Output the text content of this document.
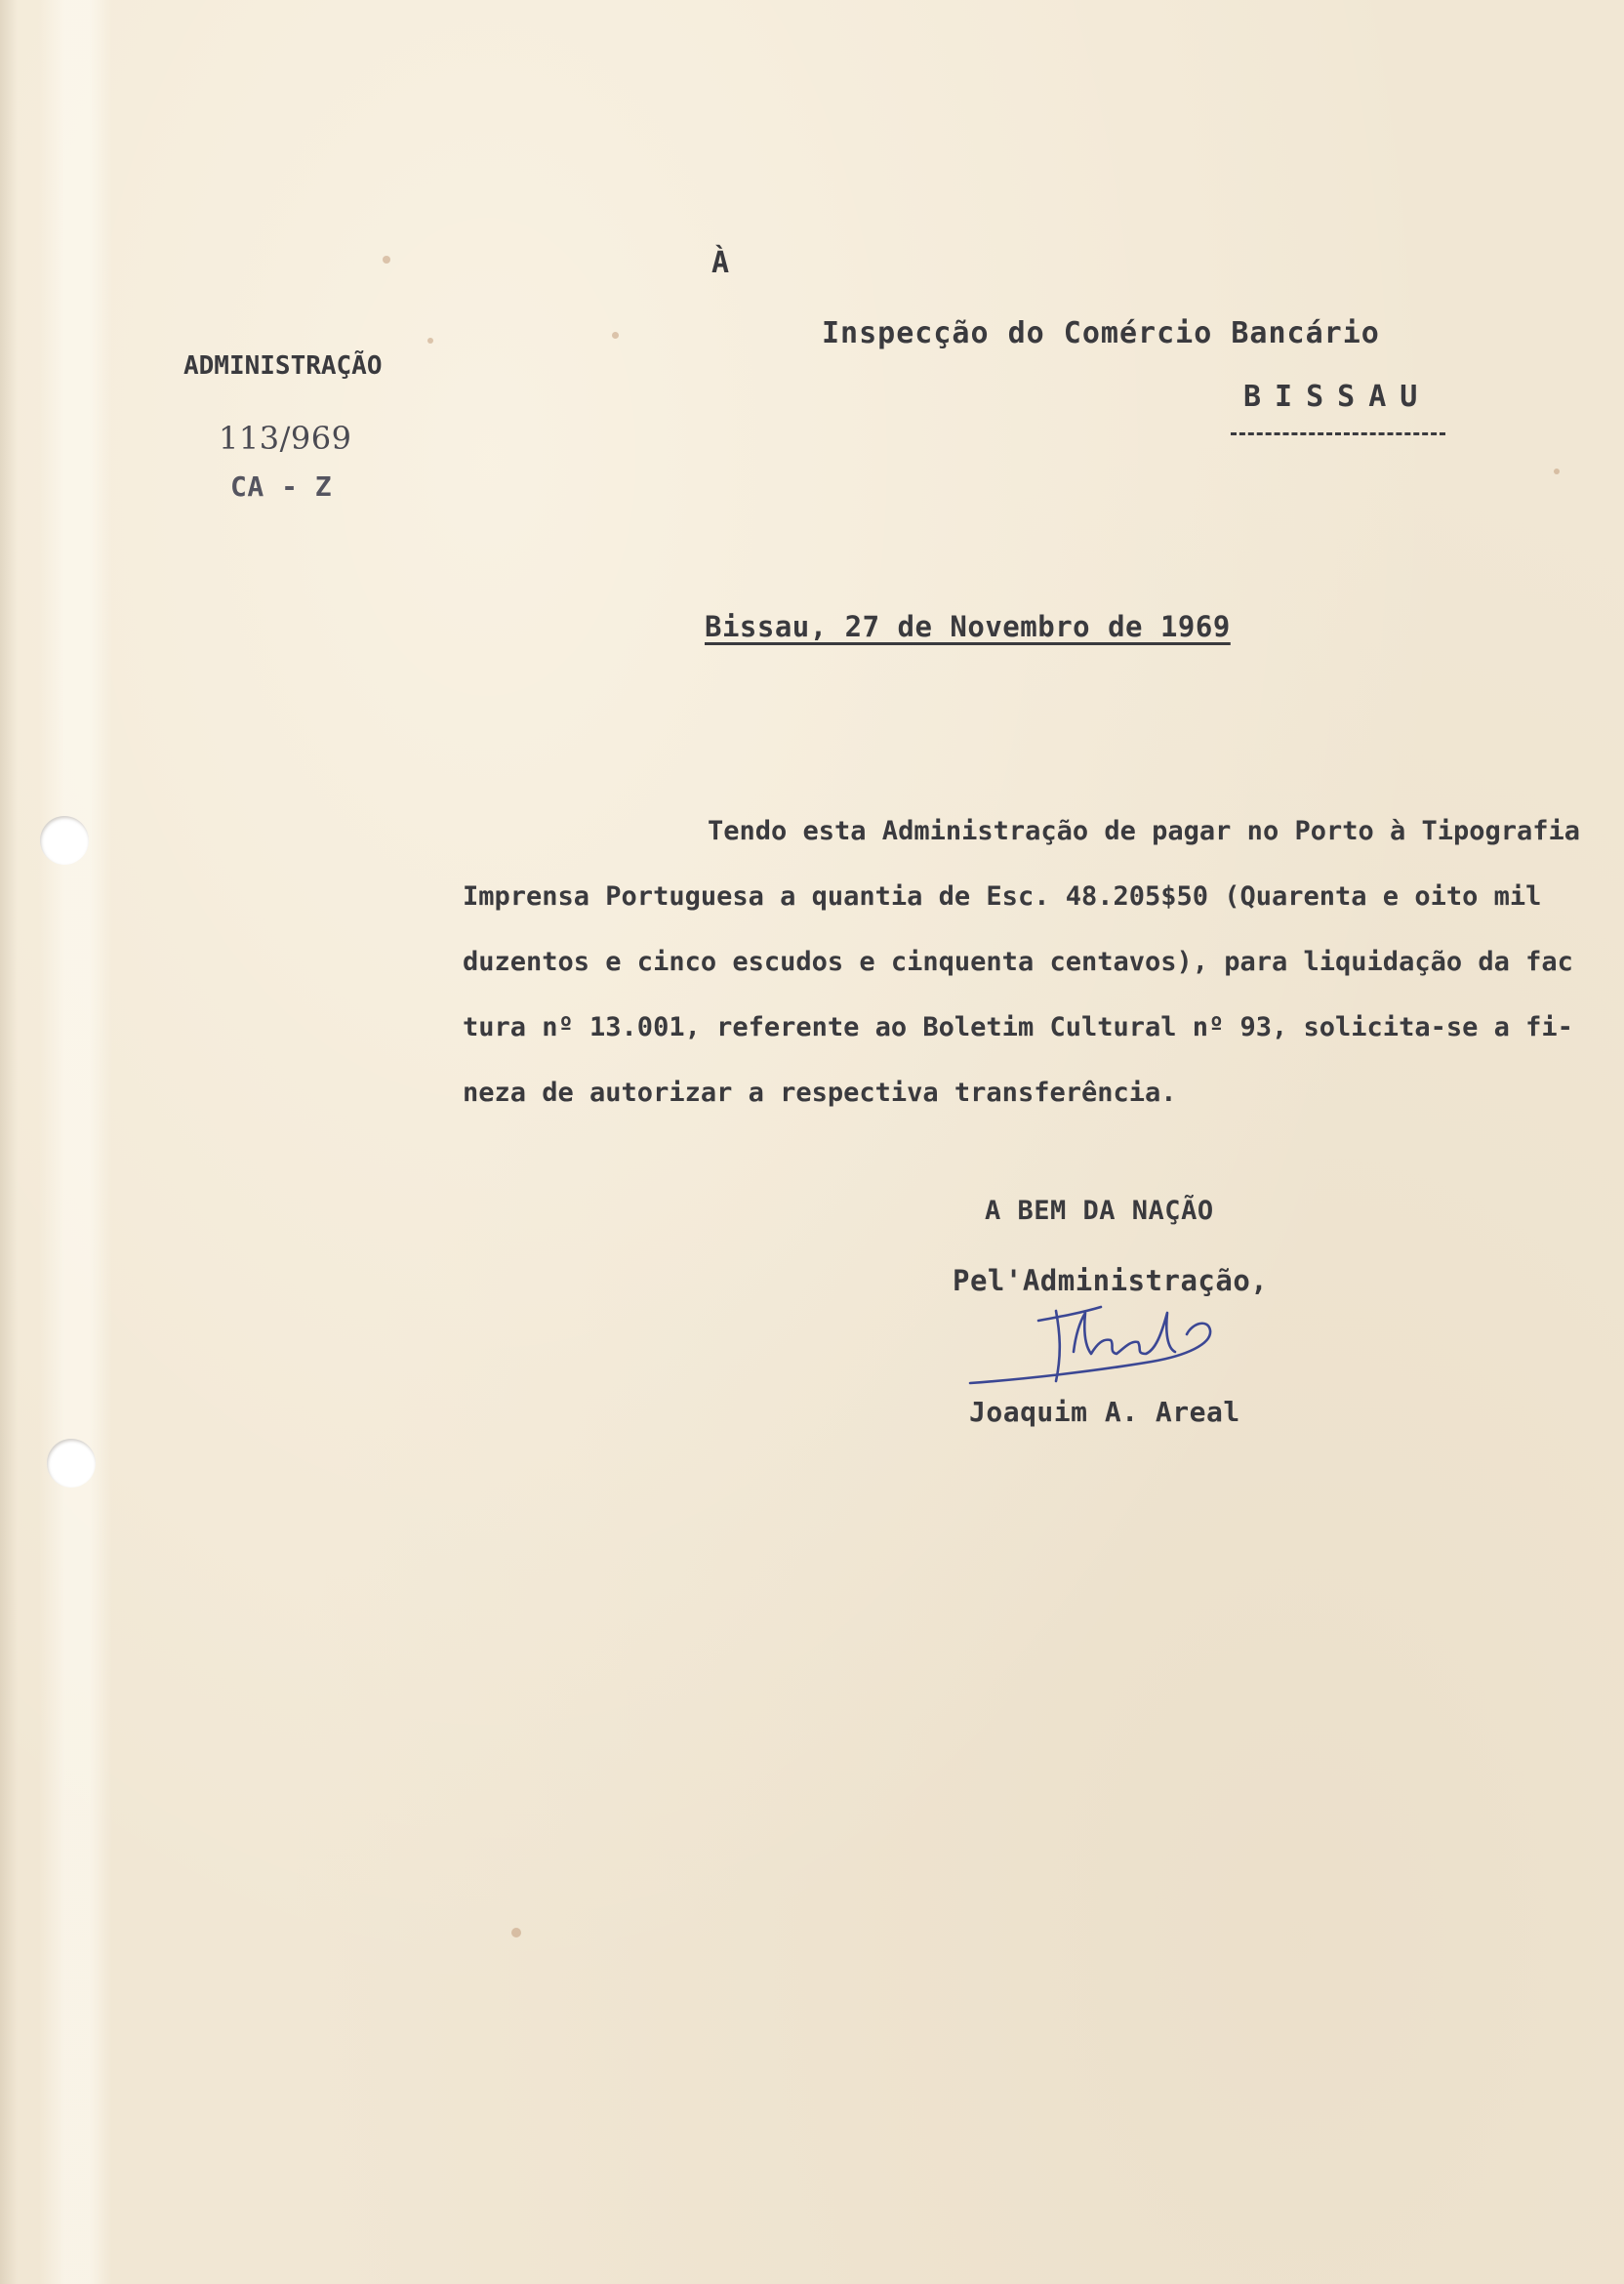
ADMINISTRAÇÃO
113/969
CA - Z
À
Inspecção do Comércio Bancário
BISSAU
Bissau, 27 de Novembro de 1969
Tendo esta Administração de pagar no Porto à Tipografia
Imprensa Portuguesa a quantia de Esc. 48.205$50 (Quarenta e oito mil
duzentos e cinco escudos e cinquenta centavos), para liquidação da fac
tura nº 13.001, referente ao Boletim Cultural nº 93, solicita-se a fi-
neza de autorizar a respectiva transferência.
A BEM DA NAÇÃO
Pel'Administração,
Joaquim A. Areal
